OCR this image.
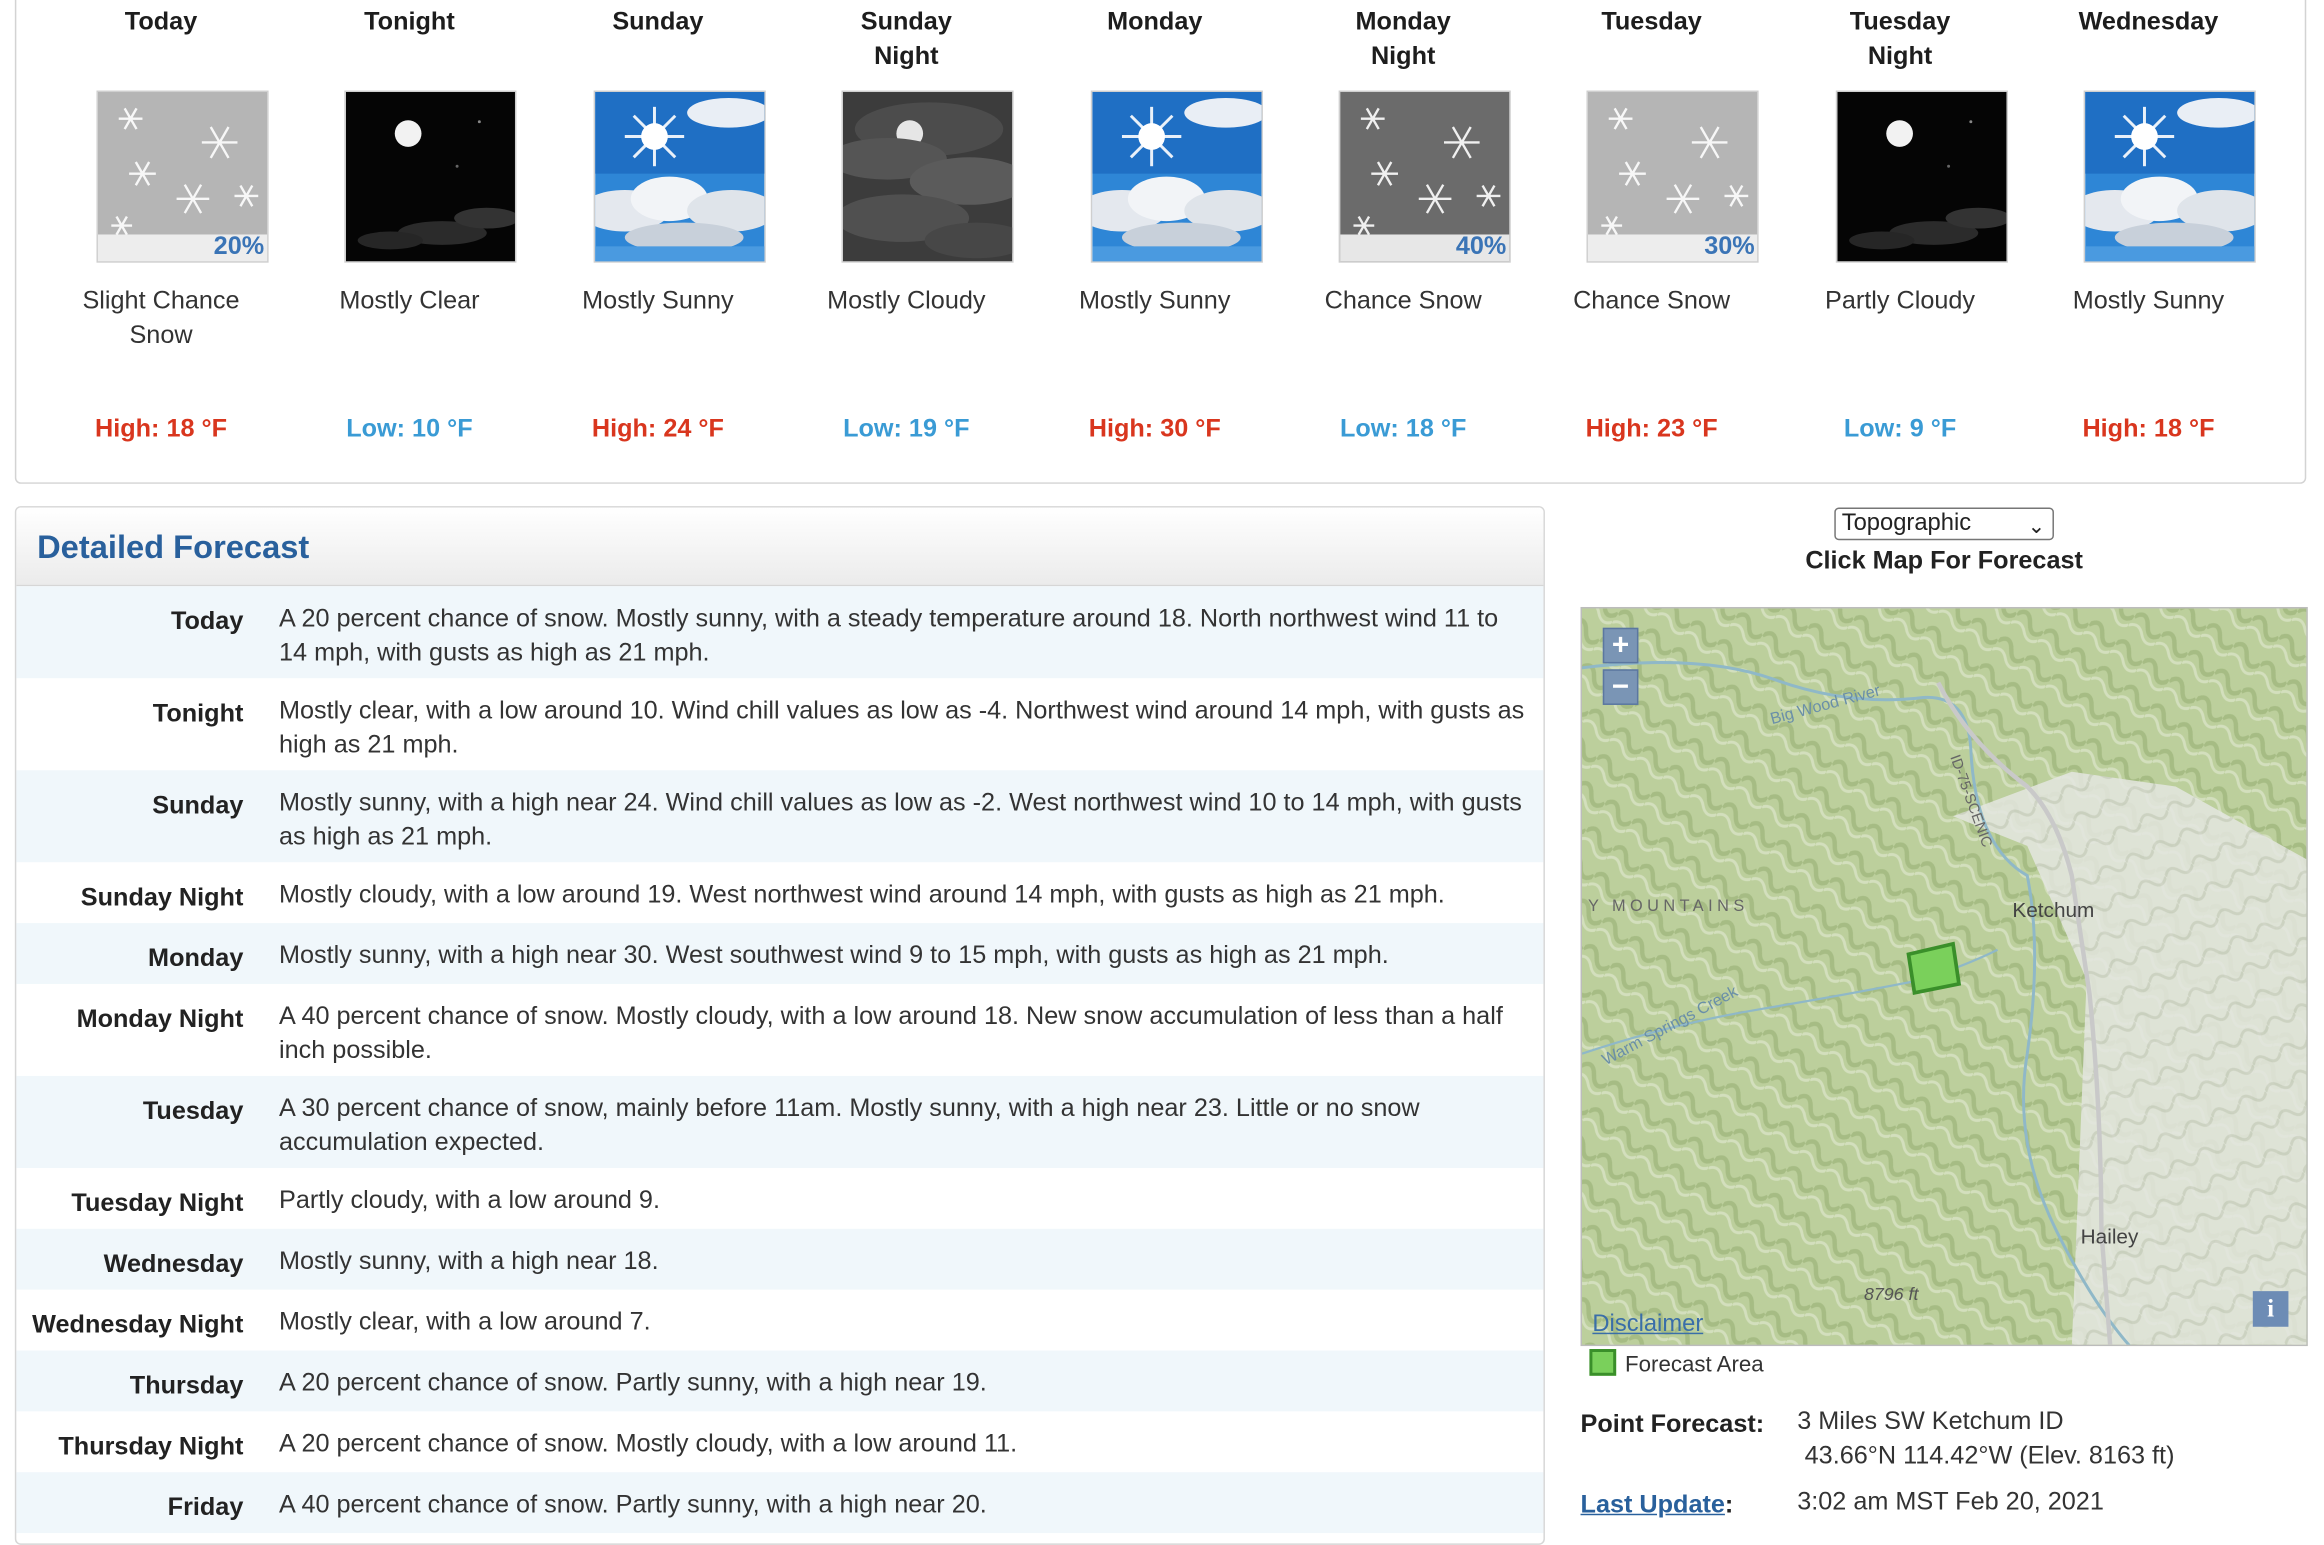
Today
20%
Slight Chance Snow
High: 18 °F
Tonight
Mostly Clear
Low: 10 °F
Sunday
Mostly Sunny
High: 24 °F
Sunday Night
Mostly Cloudy
Low: 19 °F
Monday
Mostly Sunny
High: 30 °F
Monday Night
40%
Chance Snow
Low: 18 °F
Tuesday
30%
Chance Snow
High: 23 °F
Tuesday Night
Partly Cloudy
Low: 9 °F
Wednesday
Mostly Sunny
High: 18 °F
Detailed Forecast
Today A 20 percent chance of snow. Mostly sunny, with a steady temperature around 18. North northwest wind 11 to 14 mph, with gusts as high as 21 mph.
Tonight Mostly clear, with a low around 10. Wind chill values as low as -4. Northwest wind around 14 mph, with gusts as high as 21 mph.
Sunday Mostly sunny, with a high near 24. Wind chill values as low as -2. West northwest wind 10 to 14 mph, with gusts as high as 21 mph.
Sunday Night Mostly cloudy, with a low around 19. West northwest wind around 14 mph, with gusts as high as 21 mph.
Monday Mostly sunny, with a high near 30. West southwest wind 9 to 15 mph, with gusts as high as 21 mph.
Monday Night A 40 percent chance of snow. Mostly cloudy, with a low around 18. New snow accumulation of less than a half inch possible.
Tuesday A 30 percent chance of snow, mainly before 11am. Mostly sunny, with a high near 23. Little or no snow accumulation expected.
Tuesday Night Partly cloudy, with a low around 9.
Wednesday Mostly sunny, with a high near 18.
Wednesday Night Mostly clear, with a low around 7.
Thursday A 20 percent chance of snow. Partly sunny, with a high near 19.
Thursday Night A 20 percent chance of snow. Mostly cloudy, with a low around 11.
Friday A 40 percent chance of snow. Partly sunny, with a high near 20.
Topographic	⌄
Click Map For Forecast
Big Wood River
ID-75-SCENIC
Y MOUNTAINS	Ketchum
Warm Springs Creek
Hailey
8796 ft
+
−
i
Disclaimer
Forecast Area
Point Forecast: 3 Miles SW Ketchum ID
43.66°N 114.42°W (Elev. 8163 ft)
Last Update:	3:02 am MST Feb 20, 2021
